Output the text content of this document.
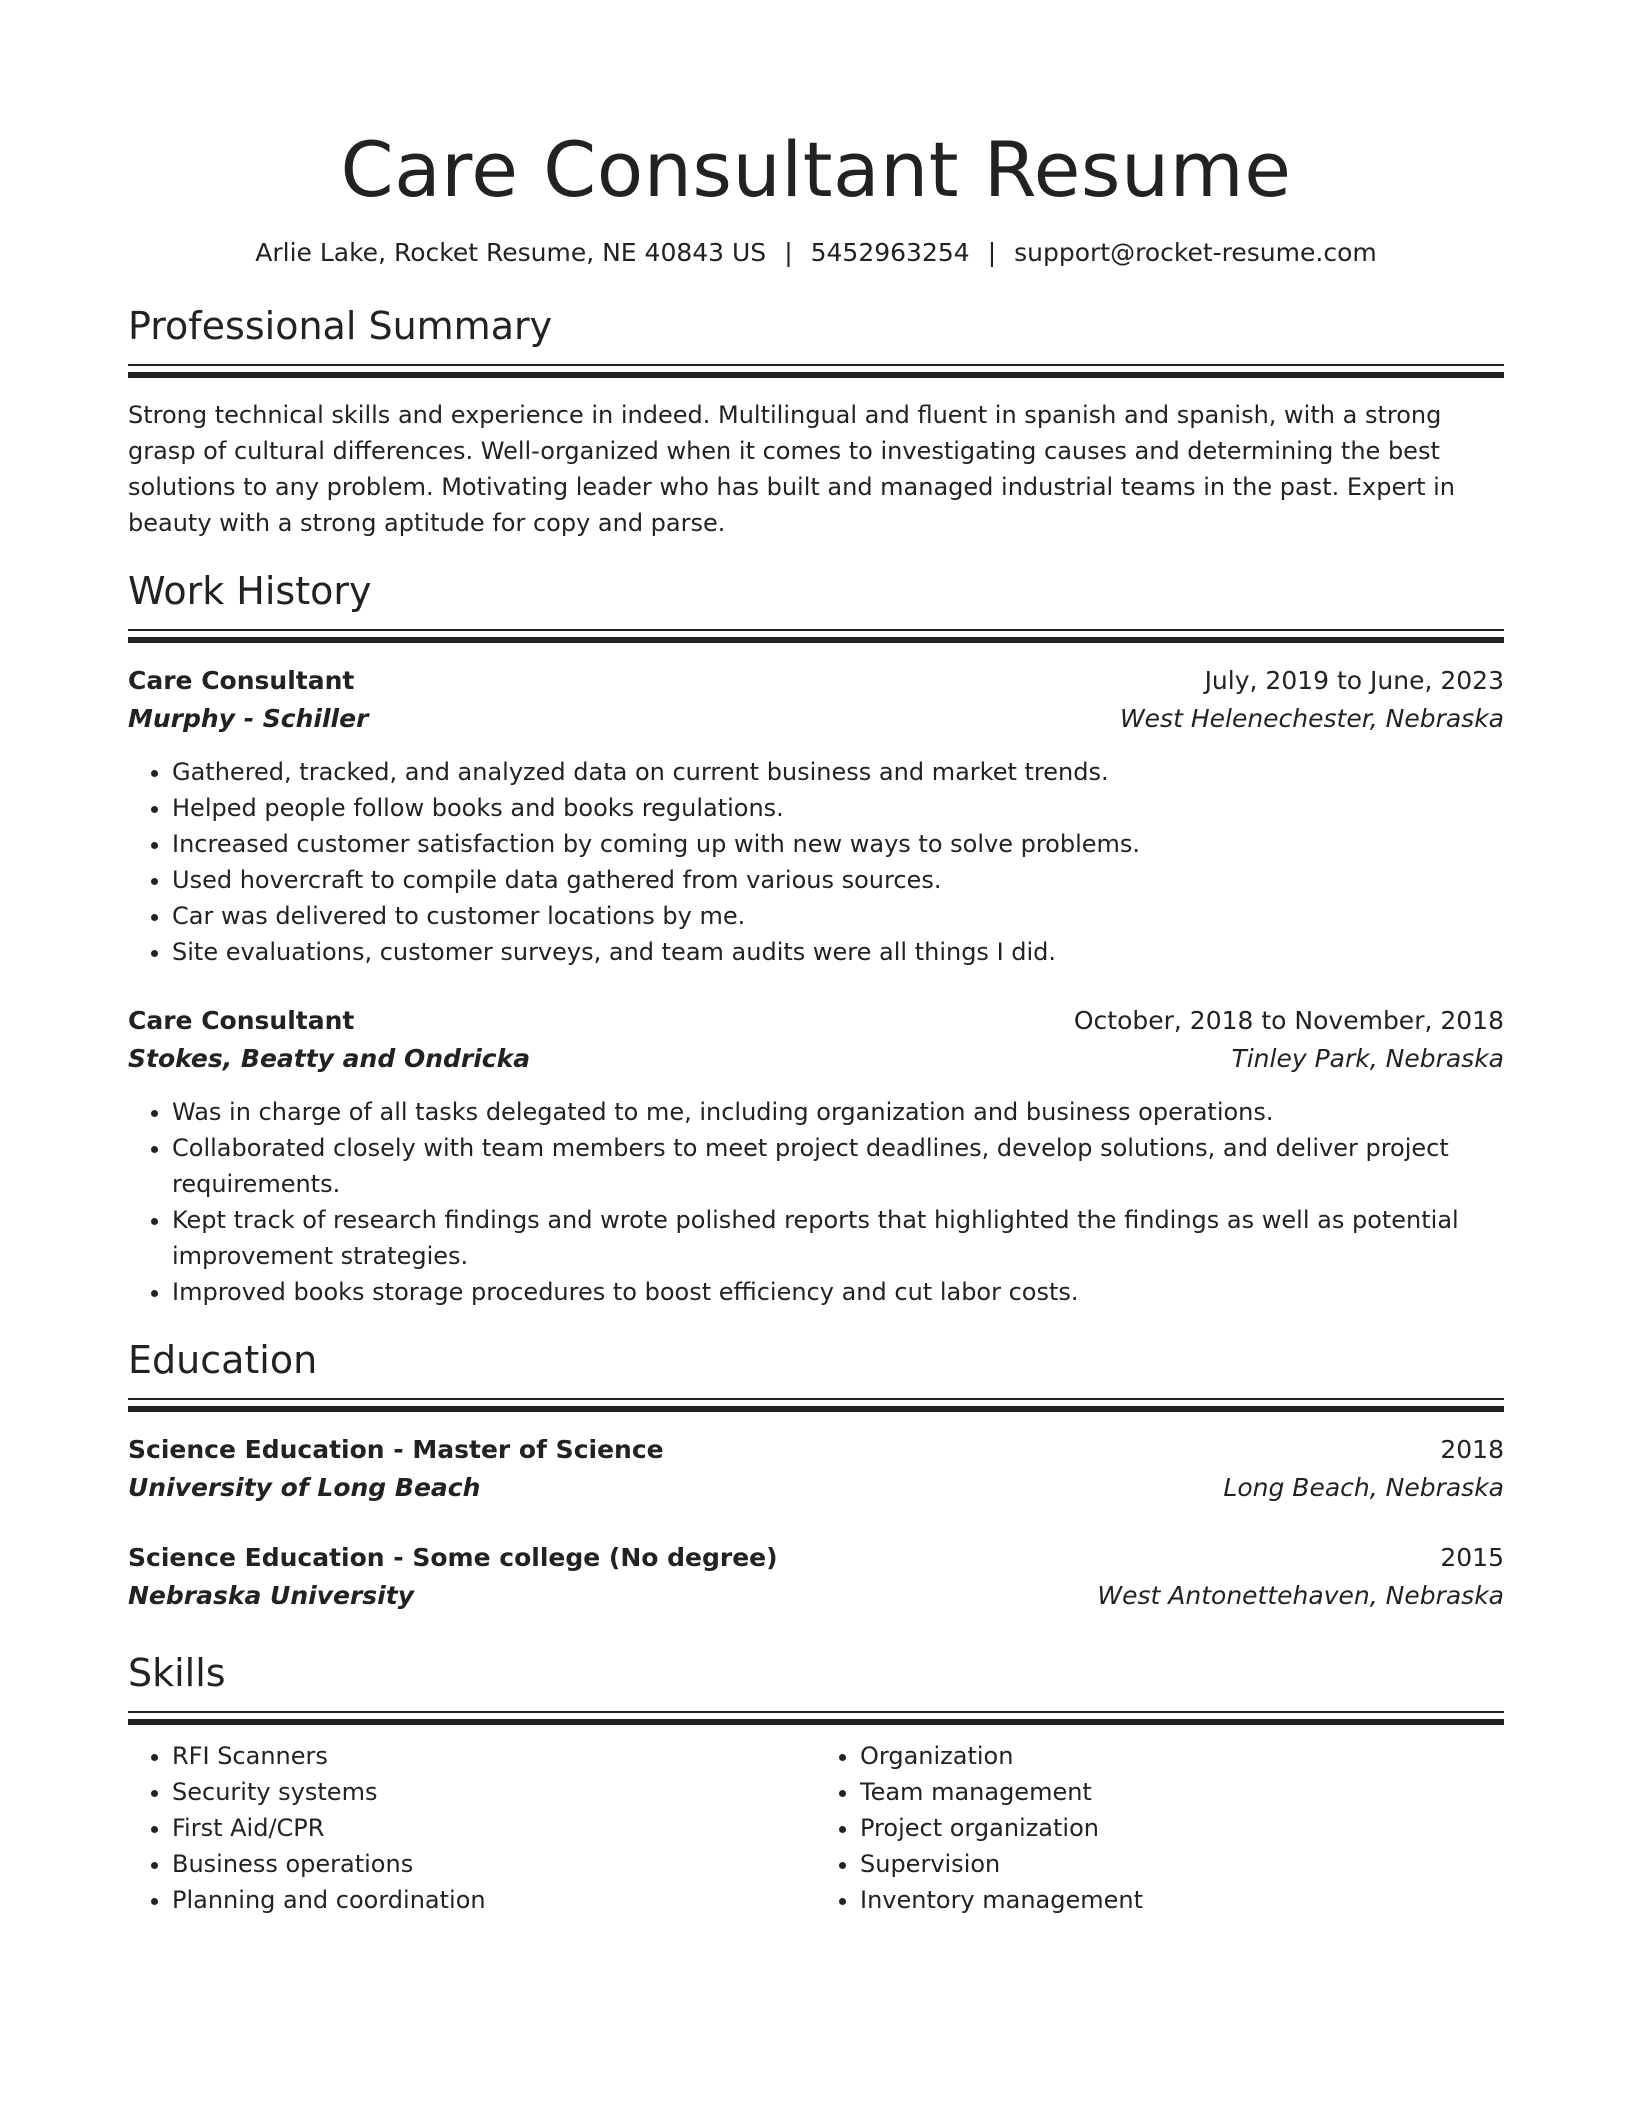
Care Consultant Resume
Arlie Lake, Rocket Resume, NE 40843 US | 5452963254 | support@rocket-resume.com
Professional Summary

Strong technical skills and experience in indeed. Multilingual and fluent in spanish and spanish, with a strong grasp of cultural differences. Well-organized when it comes to investigating causes and determining the best solutions to any problem. Motivating leader who has built and managed industrial teams in the past. Expert in beauty with a strong aptitude for copy and parse.

Work History
Care Consultant	July, 2019 to June, 2023
Murphy - Schiller	West Helenechester, Nebraska
• Gathered, tracked, and analyzed data on current business and market trends.
• Helped people follow books and books regulations.
• Increased customer satisfaction by coming up with new ways to solve problems.
• Used hovercraft to compile data gathered from various sources.
• Car was delivered to customer locations by me.
• Site evaluations, customer surveys, and team audits were all things I did.
Care Consultant	October, 2018 to November, 2018
Stokes, Beatty and Ondricka	Tinley Park, Nebraska
• Was in charge of all tasks delegated to me, including organization and business operations.
• Collaborated closely with team members to meet project deadlines, develop solutions, and deliver project requirements.
• Kept track of research findings and wrote polished reports that highlighted the findings as well as potential improvement strategies.
• Improved books storage procedures to boost efficiency and cut labor costs.
Education
Science Education - Master of Science	2018
University of Long Beach	Long Beach, Nebraska
Science Education - Some college (No degree)	2015
Nebraska University	West Antonettehaven, Nebraska
Skills
• RFI Scanners
• Security systems
• First Aid/CPR
• Business operations
• Planning and coordination
• Organization
• Team management
• Project organization
• Supervision
• Inventory management
